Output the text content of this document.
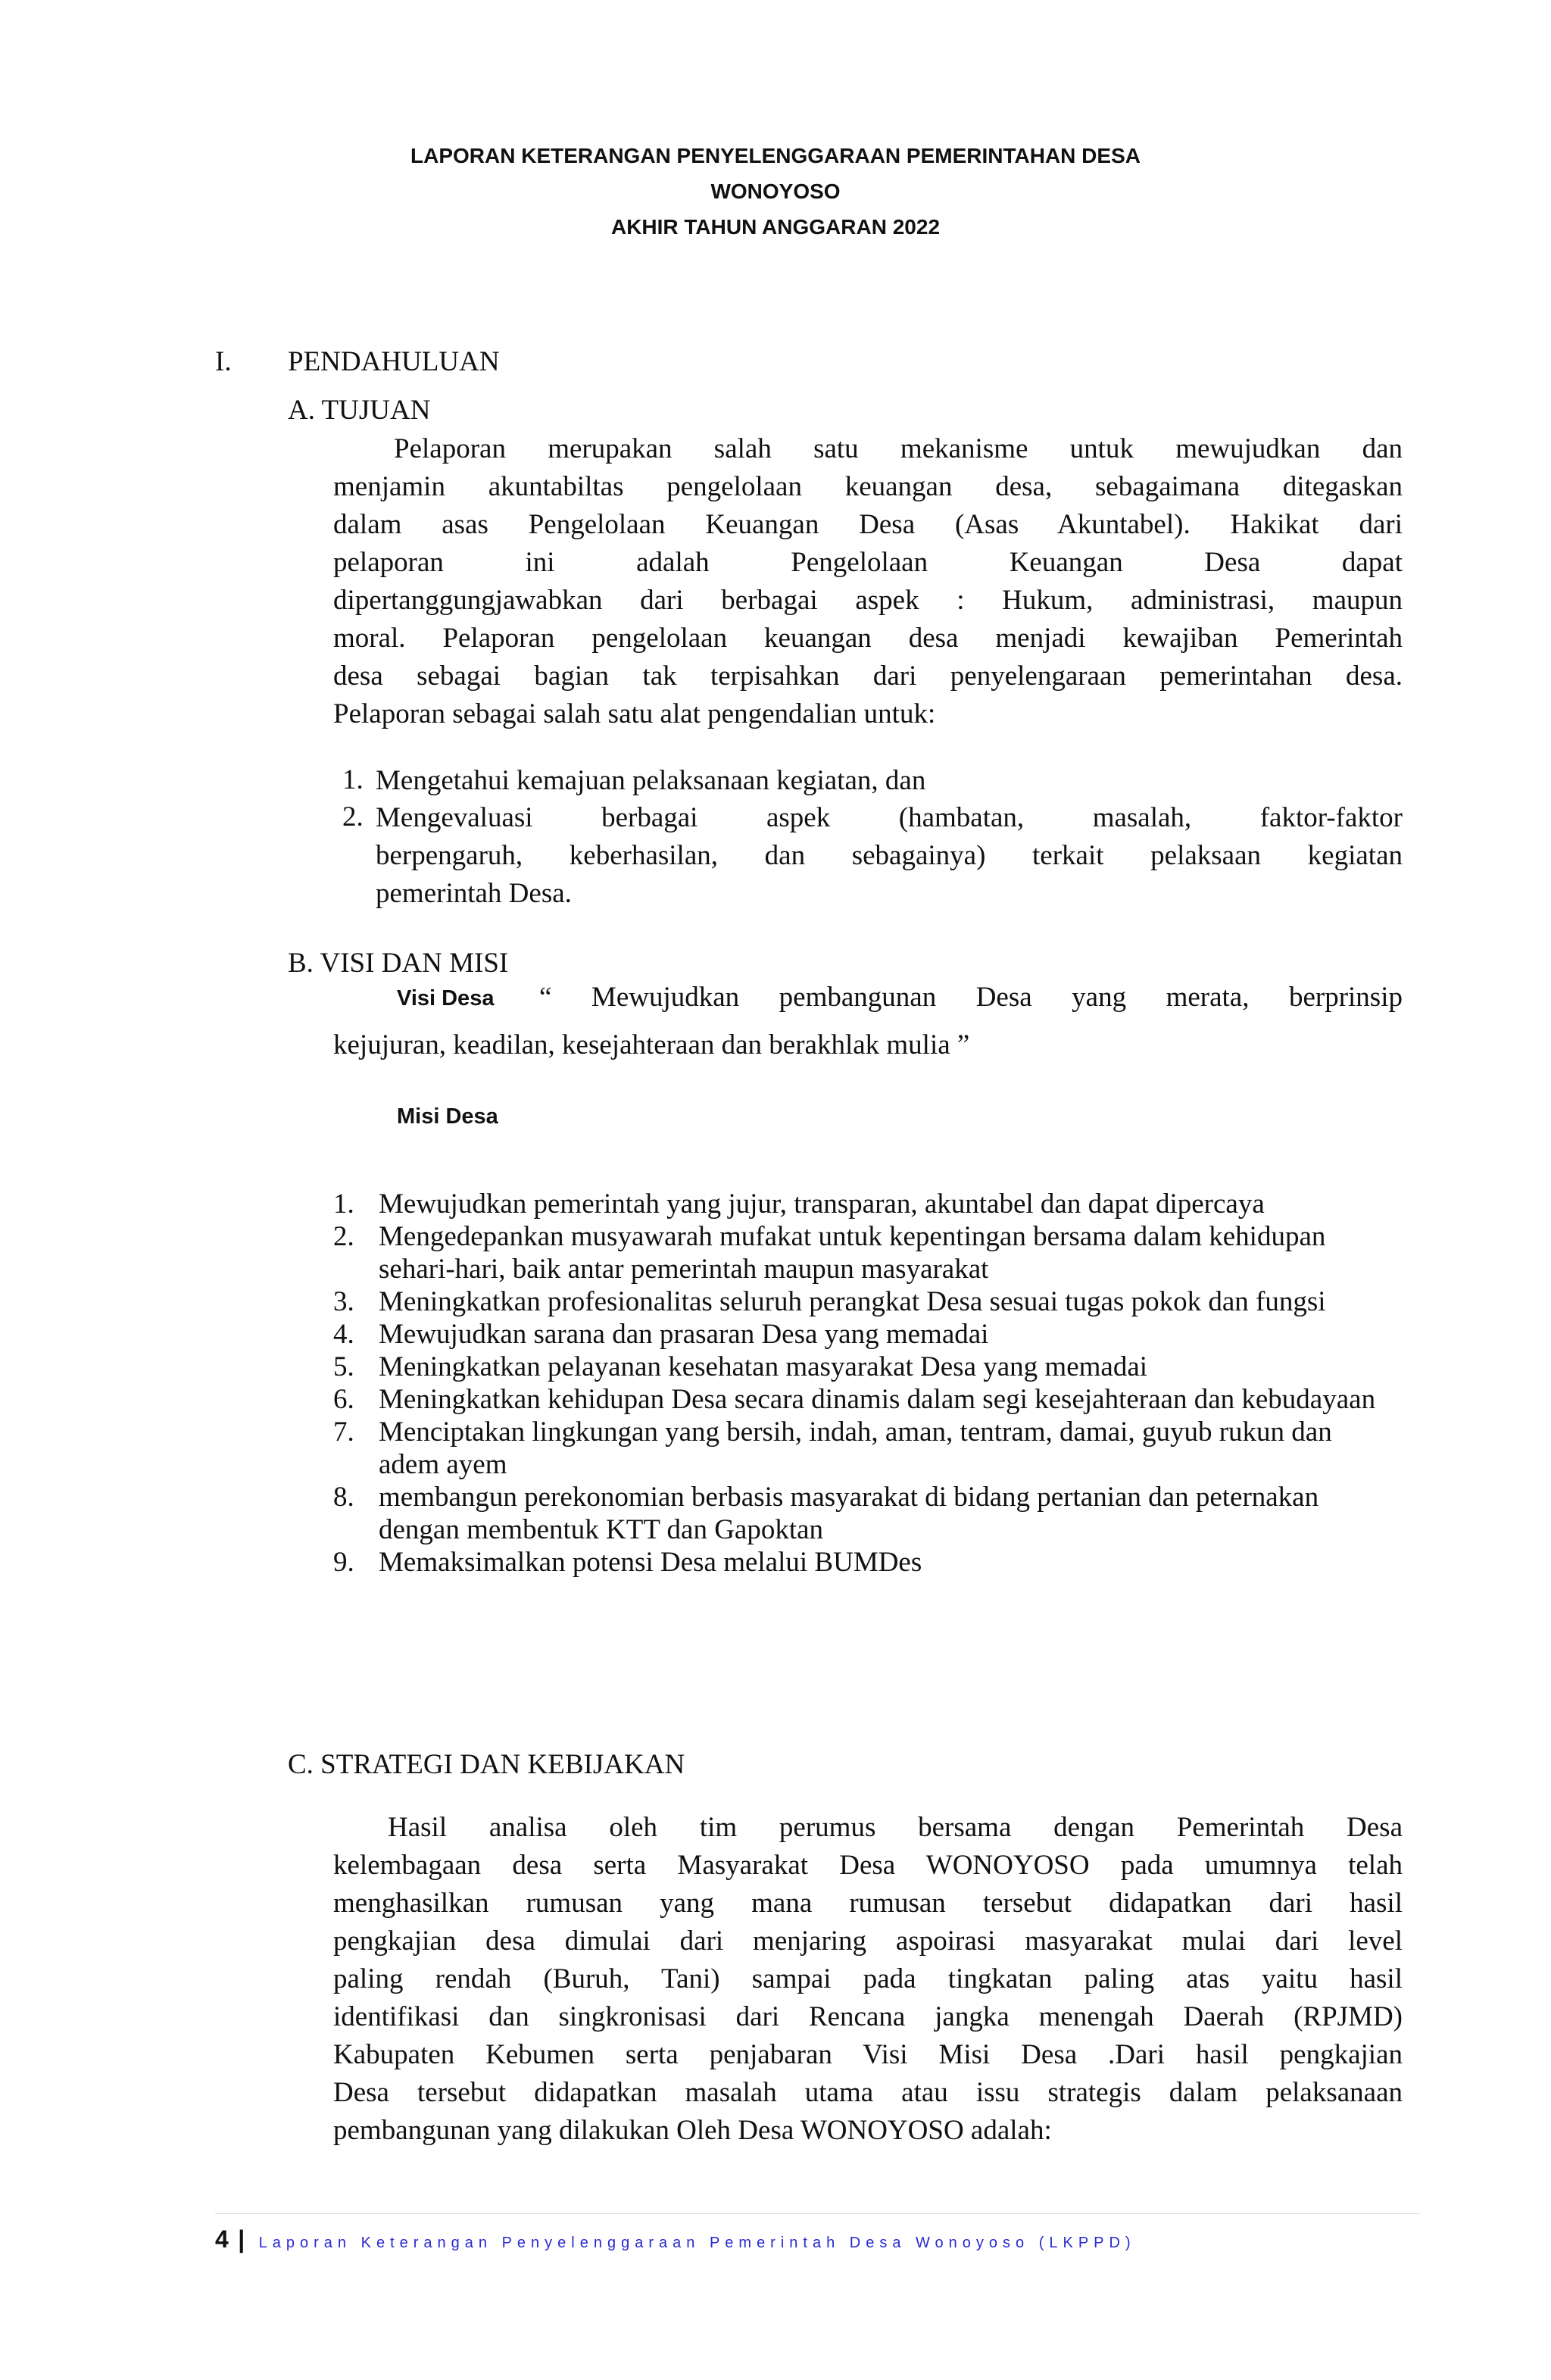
LAPORAN KETERANGAN PENYELENGGARAAN PEMERINTAHAN DESA
WONOYOSO
AKHIR TAHUN ANGGARAN 2022
I. PENDAHULUAN
A. TUJUAN
Pelaporan merupakan salah satu mekanisme untuk mewujudkan dan
menjamin akuntabiltas pengelolaan keuangan desa, sebagaimana ditegaskan
dalam asas Pengelolaan Keuangan Desa (Asas Akuntabel). Hakikat dari
pelaporan ini adalah Pengelolaan Keuangan Desa dapat
dipertanggungjawabkan dari berbagai aspek : Hukum, administrasi, maupun
moral. Pelaporan pengelolaan keuangan desa menjadi kewajiban Pemerintah
desa sebagai bagian tak terpisahkan dari penyelengaraan pemerintahan desa.
Pelaporan sebagai salah satu alat pengendalian untuk:
1. Mengetahui kemajuan pelaksanaan kegiatan, dan
2. Mengevaluasi berbagai aspek (hambatan, masalah, faktor-faktor
berpengaruh, keberhasilan, dan sebagainya) terkait pelaksaan kegiatan
pemerintah Desa.
B. VISI DAN MISI
Visi Desa “ Mewujudkan pembangunan Desa yang merata, berprinsip
kejujuran, keadilan, kesejahteraan dan berakhlak mulia ”
Misi Desa
1. Mewujudkan pemerintah yang jujur, transparan, akuntabel dan dapat dipercaya
2. Mengedepankan musyawarah mufakat untuk kepentingan bersama dalam kehidupan sehari-hari, baik antar pemerintah maupun masyarakat
3. Meningkatkan profesionalitas seluruh perangkat Desa sesuai tugas pokok dan fungsi
4. Mewujudkan sarana dan prasaran Desa yang memadai
5. Meningkatkan pelayanan kesehatan masyarakat Desa yang memadai
6. Meningkatkan kehidupan Desa secara dinamis dalam segi kesejahteraan dan kebudayaan
7. Menciptakan lingkungan yang bersih, indah, aman, tentram, damai, guyub rukun dan adem ayem
8. membangun perekonomian berbasis masyarakat di bidang pertanian dan peternakan dengan membentuk KTT dan Gapoktan
9. Memaksimalkan potensi Desa melalui BUMDes
C. STRATEGI DAN KEBIJAKAN
Hasil analisa oleh tim perumus bersama dengan Pemerintah Desa
kelembagaan desa serta Masyarakat Desa WONOYOSO pada umumnya telah
menghasilkan rumusan yang mana rumusan tersebut didapatkan dari hasil
pengkajian desa dimulai dari menjaring aspoirasi masyarakat mulai dari level
paling rendah (Buruh, Tani) sampai pada tingkatan paling atas yaitu hasil
identifikasi dan singkronisasi dari Rencana jangka menengah Daerah (RPJMD)
Kabupaten Kebumen serta penjabaran Visi Misi Desa .Dari hasil pengkajian
Desa tersebut didapatkan masalah utama atau issu strategis dalam pelaksanaan
pembangunan yang dilakukan Oleh Desa WONOYOSO adalah:
4 | Laporan Keterangan Penyelenggaraan Pemerintah Desa Wonoyoso (LKPPD)
